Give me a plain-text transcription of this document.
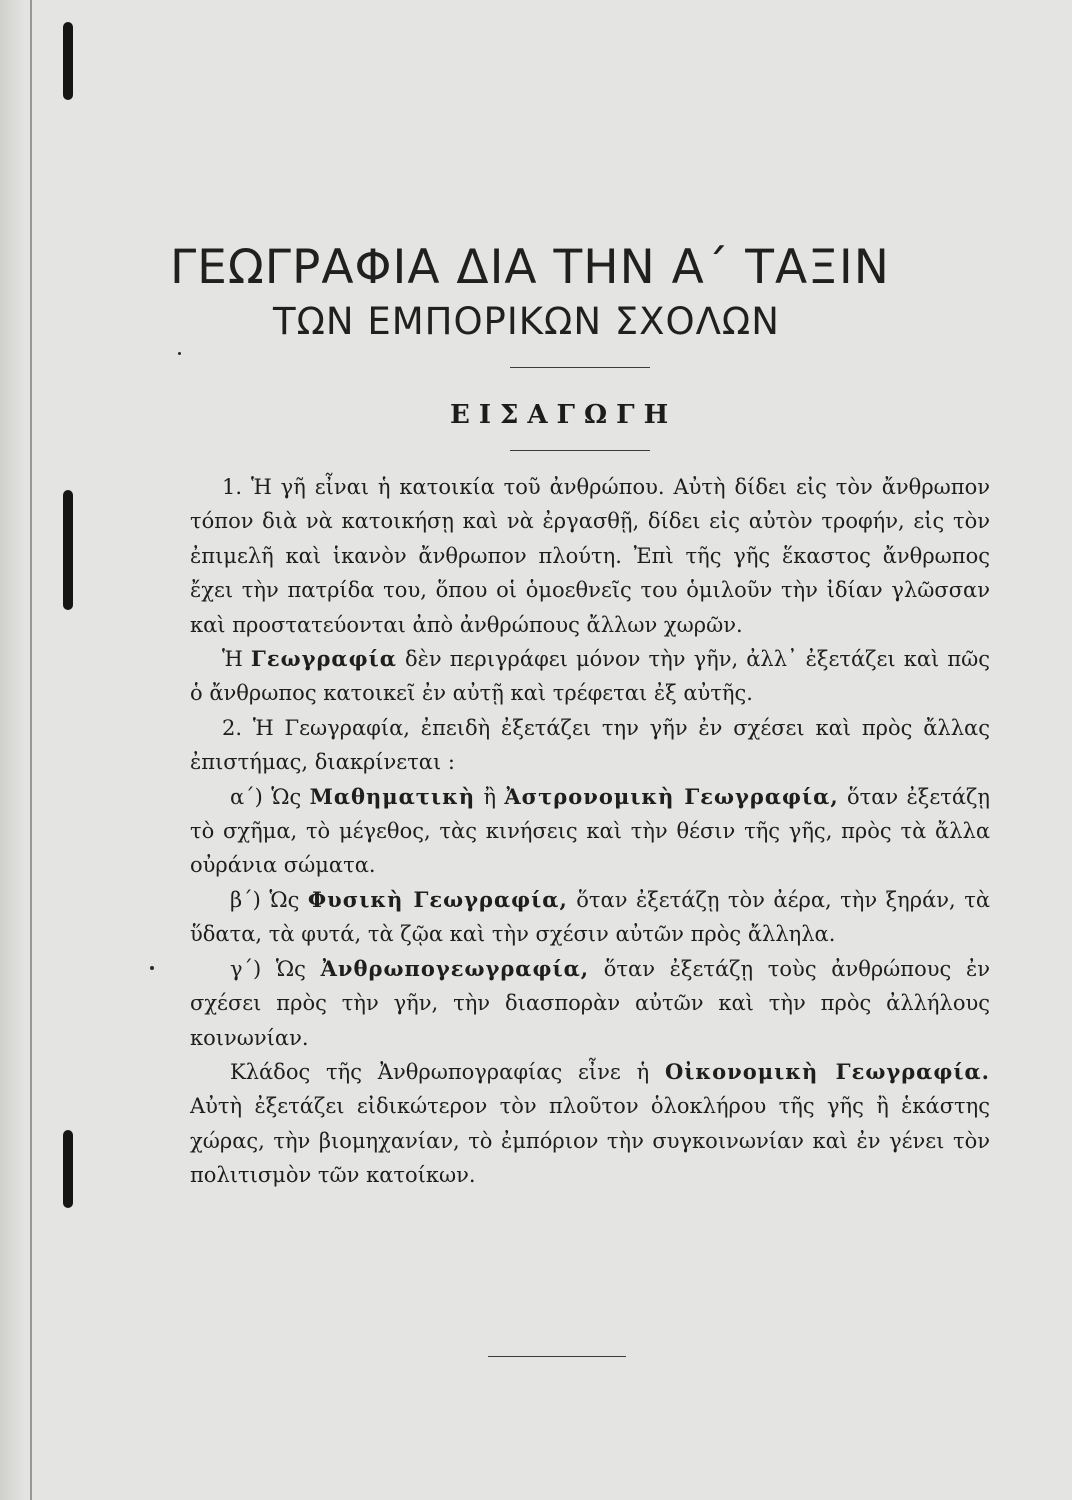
ΓΕΩΓΡΑΦΙΑ ΔΙΑ ΤΗΝ Α΄ ΤΑΞΙΝ
ΤΩΝ ΕΜΠΟΡΙΚΩΝ ΣΧΟΛΩΝ
ΕΙΣΑΓΩΓΗ

1. Ἡ γῆ εἶναι ἡ κατοικία τοῦ ἀνθρώπου. Αὐτὴ δίδει εἰς τὸν ἄνθρωπον τόπον διὰ νὰ κατοικήσῃ καὶ νὰ ἐργασθῇ, δίδει εἰς αὐτὸν τροφήν, εἰς τὸν ἐπιμελῆ καὶ ἱκανὸν ἄνθρωπον πλούτη. Ἐπὶ τῆς γῆς ἕκαστος ἄνθρωπος ἔχει τὴν πατρίδα του, ὅπου οἱ ὁμοεθνεῖς του ὁμιλοῦν τὴν ἰδίαν γλῶσσαν καὶ προστατεύονται ἀπὸ ἀνθρώπους ἄλλων χωρῶν.

Ἡ Γεωγραφία δὲν περιγράφει μόνον τὴν γῆν, ἀλλ᾽ ἐξετάζει καὶ πῶς ὁ ἄνθρωπος κατοικεῖ ἐν αὐτῇ καὶ τρέφεται ἐξ αὐτῆς.

2. Ἡ Γεωγραφία, ἐπειδὴ ἐξετάζει την γῆν ἐν σχέσει καὶ πρὸς ἄλλας ἐπιστήμας, διακρίνεται :

α΄) Ὡς Μαθηματικὴ ἢ Ἀστρονομικὴ Γεωγραφία, ὅταν ἐξετάζῃ τὸ σχῆμα, τὸ μέγεθος, τὰς κινήσεις καὶ τὴν θέσιν τῆς γῆς, πρὸς τὰ ἄλλα οὐράνια σώματα.

β΄) Ὡς Φυσικὴ Γεωγραφία, ὅταν ἐξετάζῃ τὸν ἀέρα, τὴν ξηράν, τὰ ὕδατα, τὰ φυτά, τὰ ζῷα καὶ τὴν σχέσιν αὐτῶν πρὸς ἄλληλα.

γ΄) Ὡς Ἀνθρωπογεωγραφία, ὅταν ἐξετάζῃ τοὺς ἀνθρώπους ἐν σχέσει πρὸς τὴν γῆν, τὴν διασπορὰν αὐτῶν καὶ τὴν πρὸς ἀλλήλους κοινωνίαν.

Κλάδος τῆς Ἀνθρωπογραφίας εἶνε ἡ Οἰκονομικὴ Γεωγραφία. Αὐτὴ ἐξετάζει εἰδικώτερον τὸν πλοῦτον ὁλοκλήρου τῆς γῆς ἢ ἑκάστης χώρας, τὴν βιομηχανίαν, τὸ ἐμπόριον τὴν συγκοινωνίαν καὶ ἐν γένει τὸν πολιτισμὸν τῶν κατοίκων.
